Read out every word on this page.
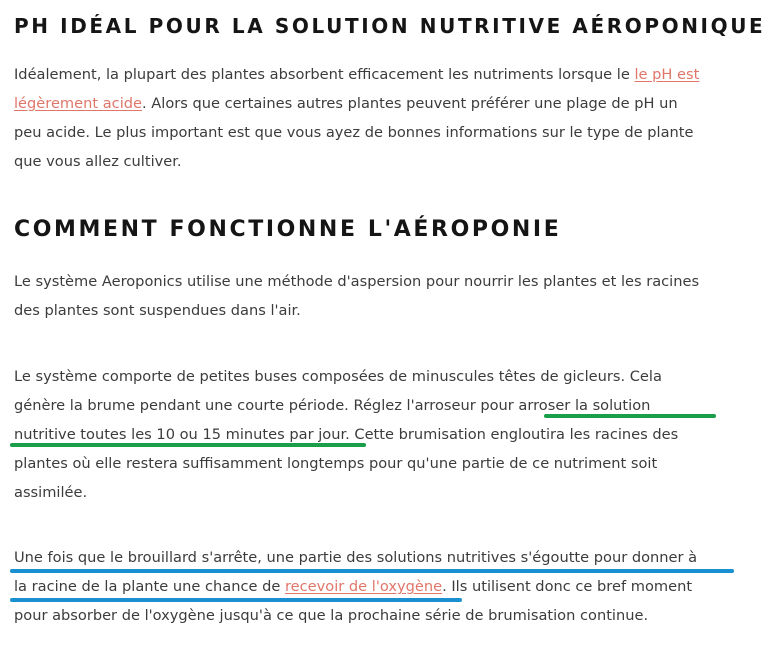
PH IDÉAL POUR LA SOLUTION NUTRITIVE AÉROPONIQUE
Idéalement, la plupart des plantes absorbent efficacement les nutriments lorsque le le pH est
légèrement acide. Alors que certaines autres plantes peuvent préférer une plage de pH un
peu acide. Le plus important est que vous ayez de bonnes informations sur le type de plante
que vous allez cultiver.
COMMENT FONCTIONNE L'AÉROPONIE
Le système Aeroponics utilise une méthode d'aspersion pour nourrir les plantes et les racines
des plantes sont suspendues dans l'air.
Le système comporte de petites buses composées de minuscules têtes de gicleurs. Cela
génère la brume pendant une courte période. Réglez l'arroseur pour arroser la solution
nutritive toutes les 10 ou 15 minutes par jour. Cette brumisation engloutira les racines des
plantes où elle restera suffisamment longtemps pour qu'une partie de ce nutriment soit
assimilée.
Une fois que le brouillard s'arrête, une partie des solutions nutritives s'égoutte pour donner à
la racine de la plante une chance de recevoir de l'oxygène. Ils utilisent donc ce bref moment
pour absorber de l'oxygène jusqu'à ce que la prochaine série de brumisation continue.
